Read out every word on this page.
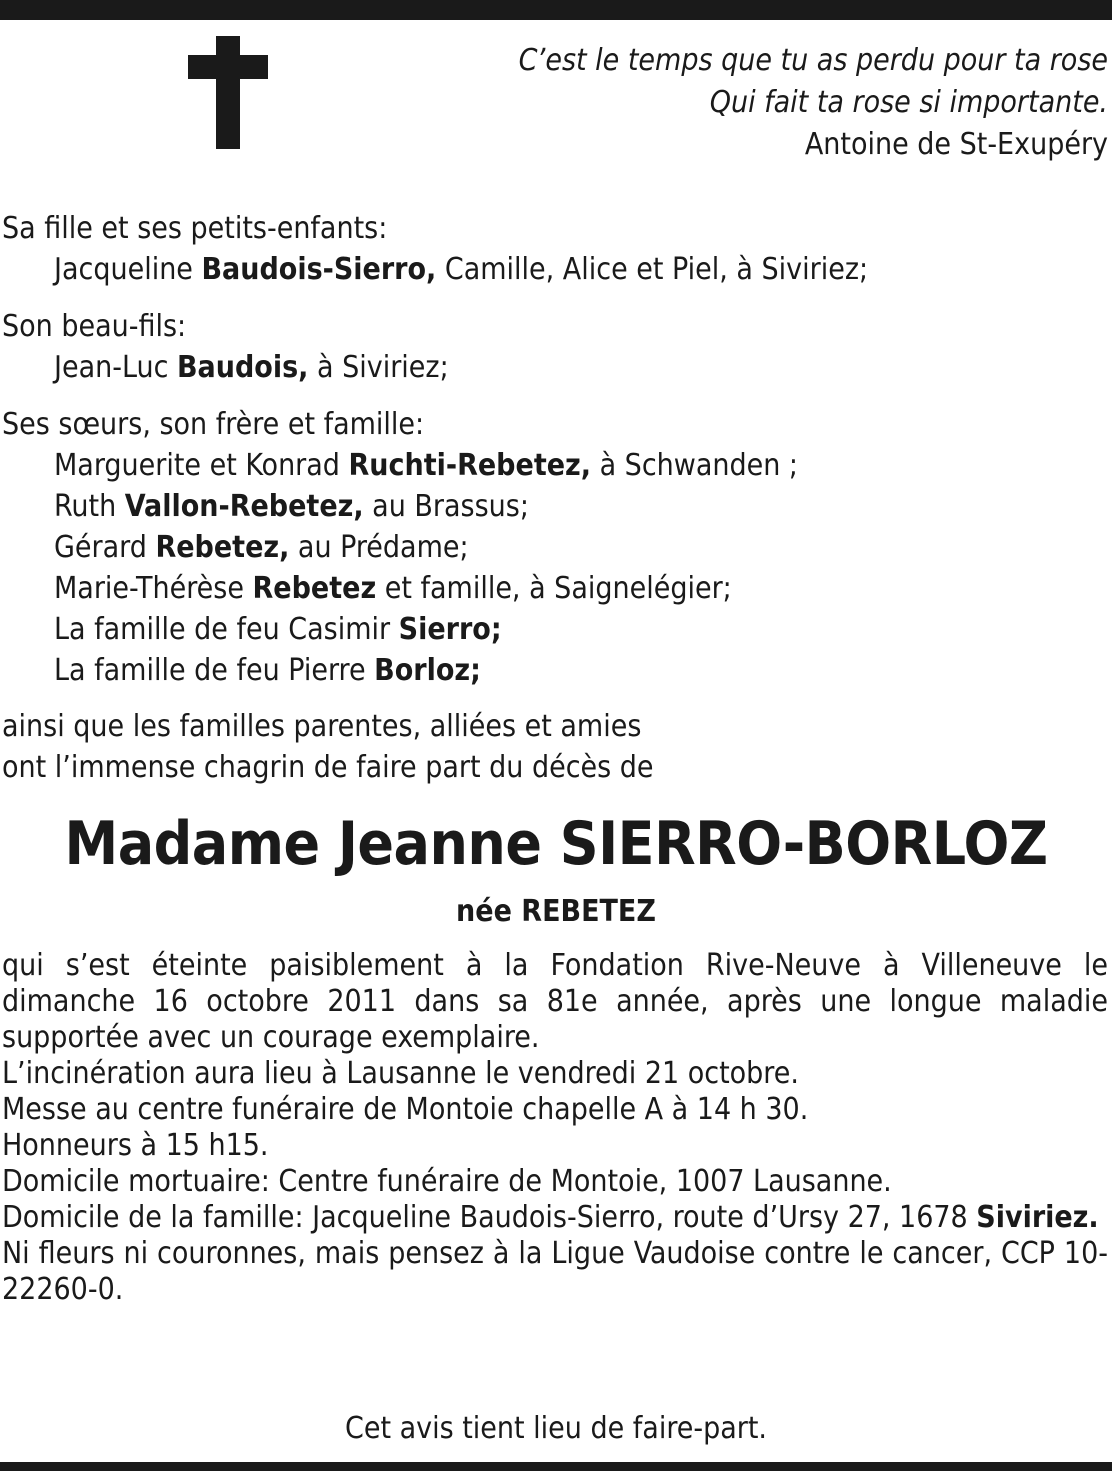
C’est le temps que tu as perdu pour ta rose
Qui fait ta rose si importante.
Antoine de St-Exupéry
Sa fille et ses petits-enfants:
Jacqueline Baudois-Sierro, Camille, Alice et Piel, à Siviriez;
Son beau-fils:
Jean-Luc Baudois, à Siviriez;
Ses sœurs, son frère et famille:
Marguerite et Konrad Ruchti-Rebetez, à Schwanden ;
Ruth Vallon-Rebetez, au Brassus;
Gérard Rebetez, au Prédame;
Marie-Thérèse Rebetez et famille, à Saignelégier;
La famille de feu Casimir Sierro;
La famille de feu Pierre Borloz;
ainsi que les familles parentes, alliées et amies
ont l’immense chagrin de faire part du décès de
Madame Jeanne SIERRO-BORLOZ
née REBETEZ
qui s’est éteinte paisiblement à la Fondation Rive-Neuve à Villeneuve le dimanche 16 octobre 2011 dans sa 81e année, après une longue maladie supportée avec un courage exemplaire.
L’incinération aura lieu à Lausanne le vendredi 21 octobre.
Messe au centre funéraire de Montoie chapelle A à 14 h 30.
Honneurs à 15 h15.
Domicile mortuaire: Centre funéraire de Montoie, 1007 Lausanne.
Domicile de la famille: Jacqueline Baudois-Sierro, route d’Ursy 27, 1678 Siviriez.
Ni fleurs ni couronnes, mais pensez à la Ligue Vaudoise contre le cancer, CCP 10-22260-0.
Cet avis tient lieu de faire-part.
